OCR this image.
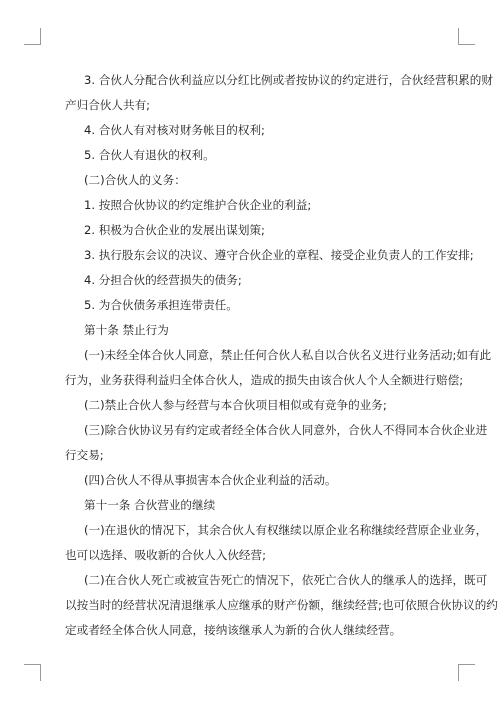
3. 合伙人分配合伙利益应以分红比例或者按协议的约定进行，合伙经营积累的财
产归合伙人共有;
4. 合伙人有对核对财务帐目的权利;
5. 合伙人有退伙的权利。
(二)合伙人的义务：
1. 按照合伙协议的约定维护合伙企业的利益;
2. 积极为合伙企业的发展出谋划策;
3. 执行股东会议的决议、遵守合伙企业的章程、接受企业负责人的工作安排;
4. 分担合伙的经营损失的债务;
5. 为合伙债务承担连带责任。
第十条 禁止行为
(一)未经全体合伙人同意，禁止任何合伙人私自以合伙名义进行业务活动;如有此
行为，业务获得利益归全体合伙人，造成的损失由该合伙人个人全额进行赔偿;
(二)禁止合伙人参与经营与本合伙项目相似或有竞争的业务;
(三)除合伙协议另有约定或者经全体合伙人同意外，合伙人不得同本合伙企业进
行交易;
(四)合伙人不得从事损害本合伙企业利益的活动。
第十一条 合伙营业的继续
(一)在退伙的情况下，其余合伙人有权继续以原企业名称继续经营原企业业务，
也可以选择、吸收新的合伙人入伙经营;
(二)在合伙人死亡或被宣告死亡的情况下，依死亡合伙人的继承人的选择，既可
以按当时的经营状况清退继承人应继承的财产份额，继续经营;也可依照合伙协议的约
定或者经全体合伙人同意，接纳该继承人为新的合伙人继续经营。
